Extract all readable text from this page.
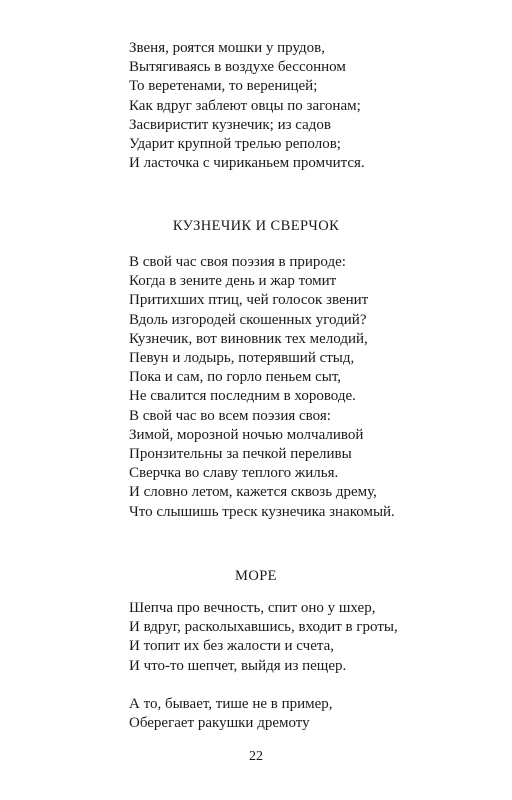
Звеня, роятся мошки у прудов,
Вытягиваясь в воздухе бессонном
То веретенами, то вереницей;
Как вдруг заблеют овцы по загонам;
Засвиристит кузнечик; из садов
Ударит крупной трелью реполов;
И ласточка с чириканьем промчится.
КУЗНЕЧИК И СВЕРЧОК
В свой час своя поэзия в природе:
Когда в зените день и жар томит
Притихших птиц, чей голосок звенит
Вдоль изгородей скошенных угодий?
Кузнечик, вот виновник тех мелодий,
Певун и лодырь, потерявший стыд,
Пока и сам, по горло пеньем сыт,
Не свалится последним в хороводе.
В свой час во всем поэзия своя:
Зимой, морозной ночью молчаливой
Пронзительны за печкой переливы
Сверчка во славу теплого жилья.
И словно летом, кажется сквозь дрему,
Что слышишь треск кузнечика знакомый.
МОРЕ
Шепча про вечность, спит оно у шхер,
И вдруг, расколыхавшись, входит в гроты,
И топит их без жалости и счета,
И что-то шепчет, выйдя из пещер.
А то, бывает, тише не в пример,
Оберегает ракушки дремоту
22
